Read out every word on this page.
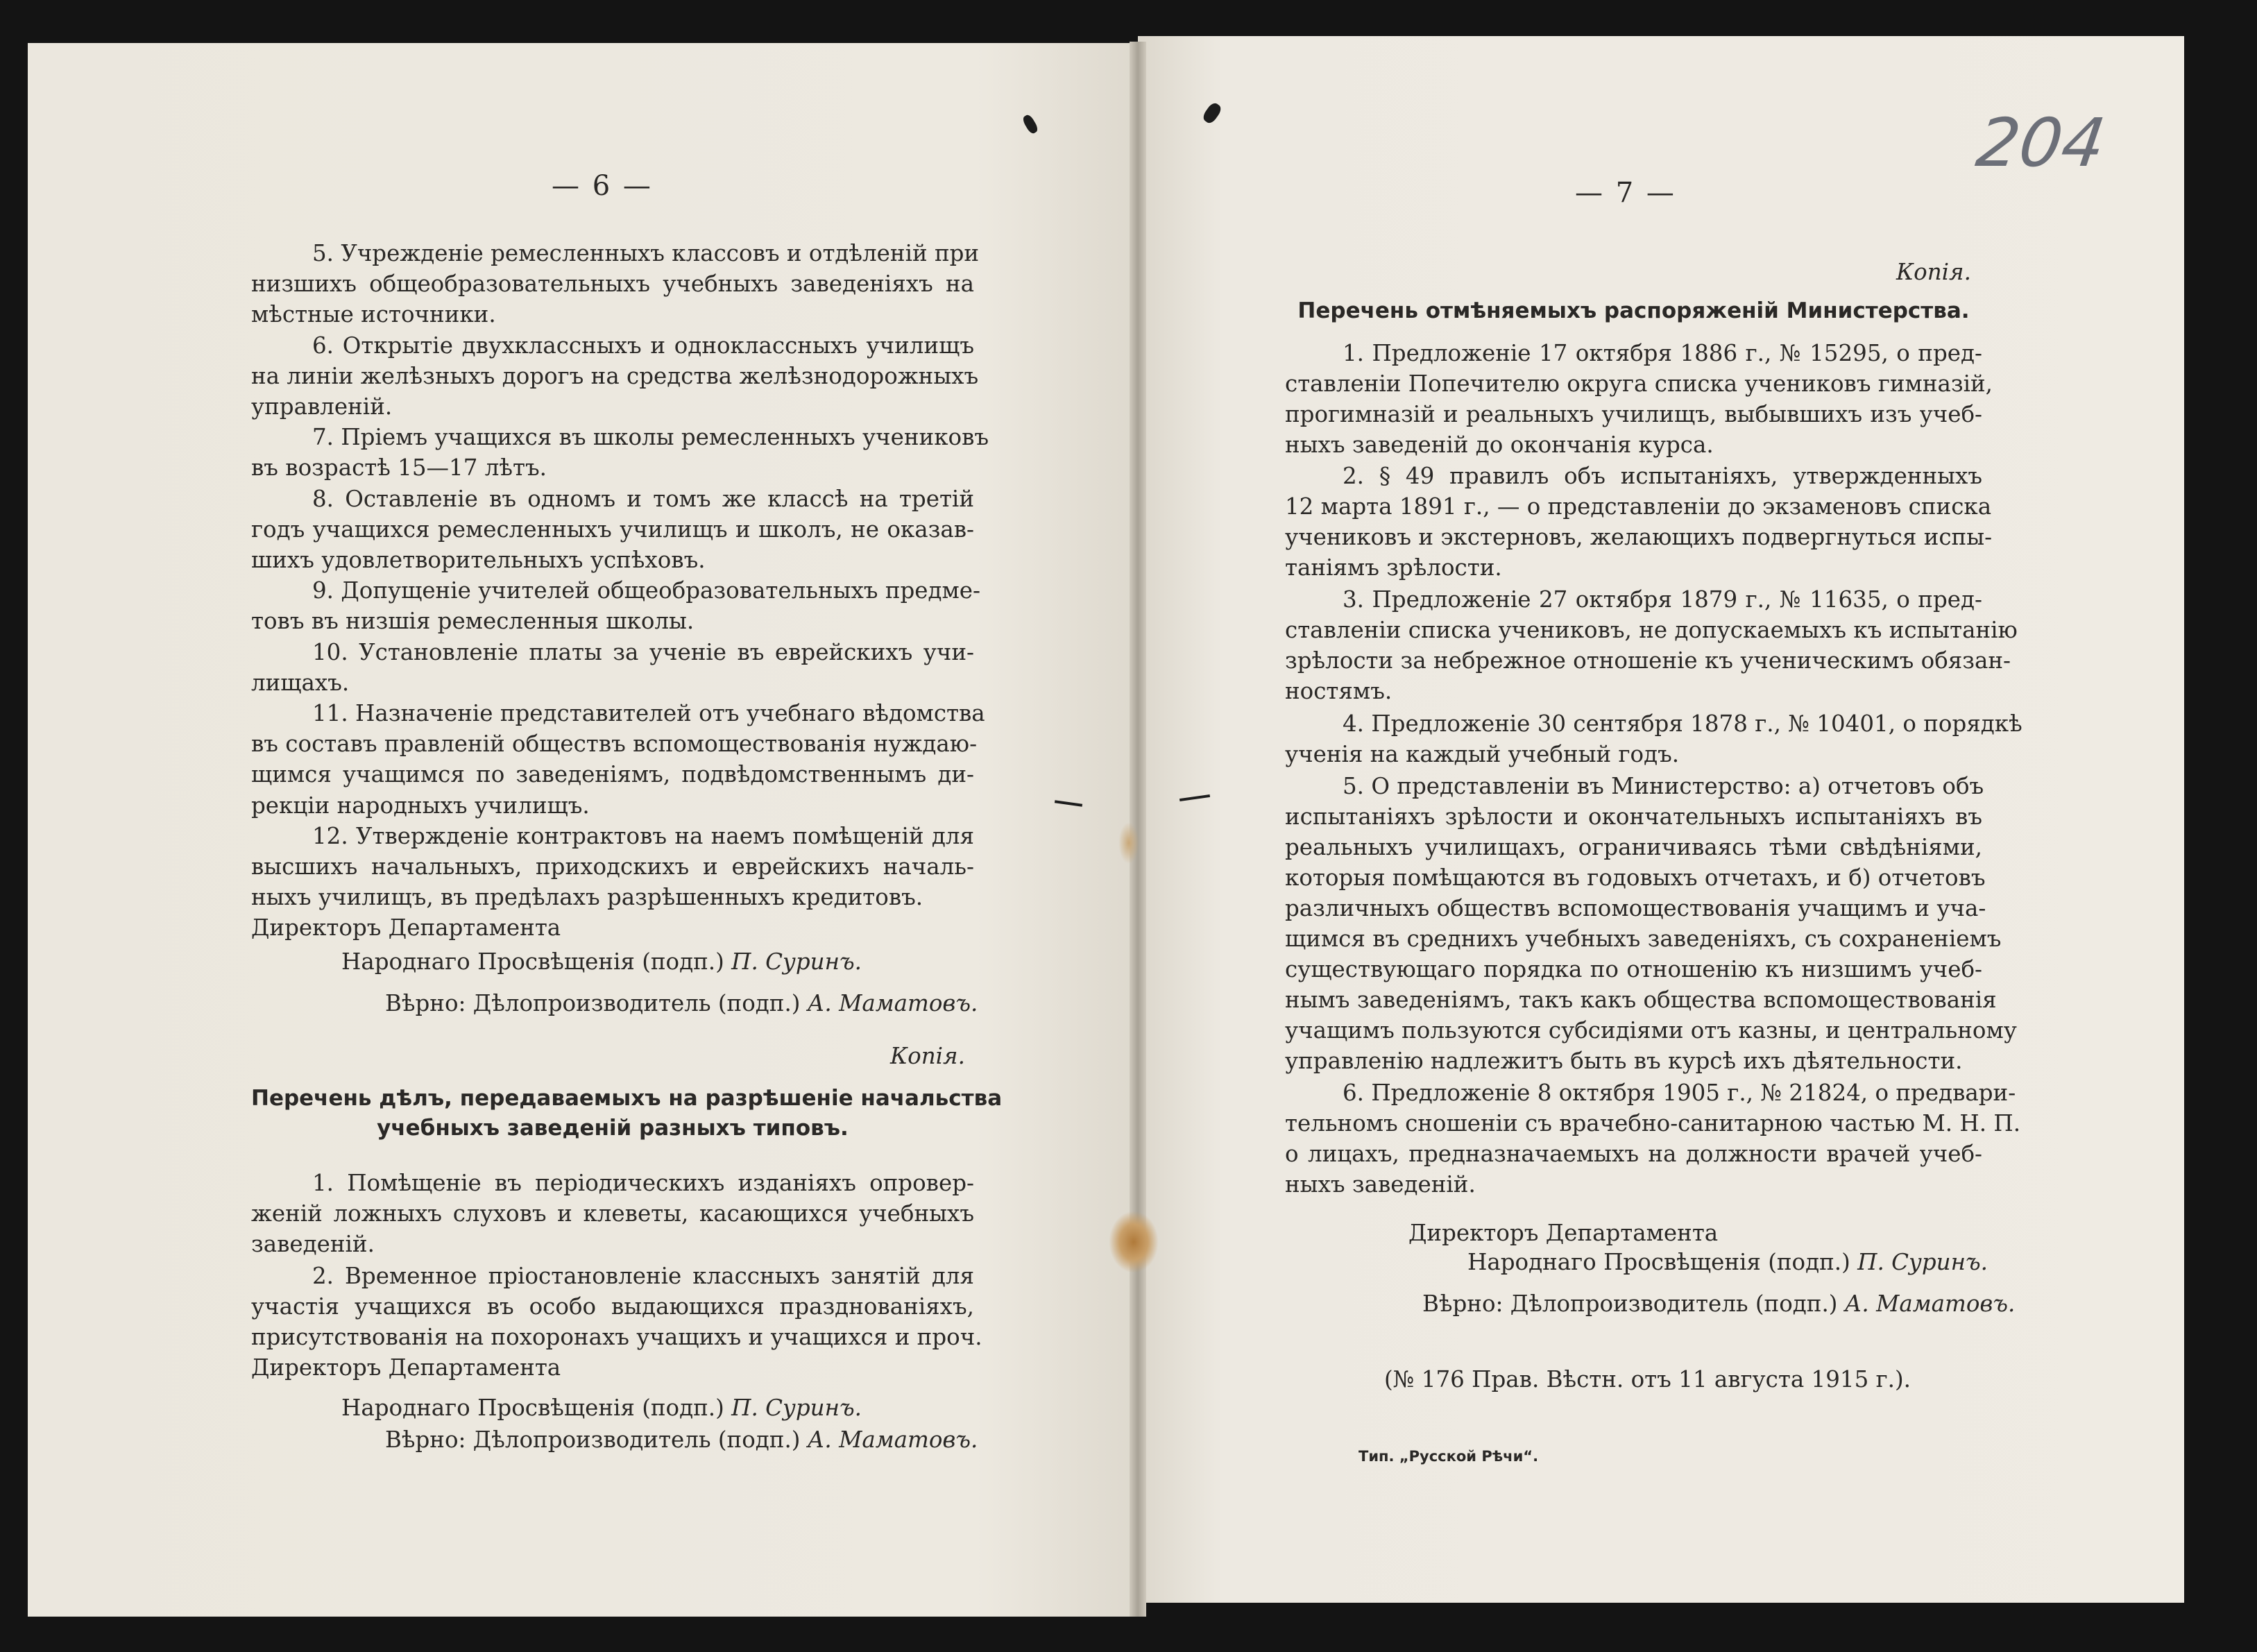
— 6 —
5. Учрежденіе ремесленныхъ классовъ и отдѣленій при
низшихъ общеобразовательныхъ учебныхъ заведеніяхъ на
мѣстные источники.
6. Открытіе двухклассныхъ и одноклассныхъ училищъ
на линіи желѣзныхъ дорогъ на средства желѣзнодорожныхъ
управленій.
7. Пріемъ учащихся въ школы ремесленныхъ учениковъ
въ возрастѣ 15—17 лѣтъ.
8. Оставленіе въ одномъ и томъ же классѣ на третій
годъ учащихся ремесленныхъ училищъ и школъ, не оказав-
шихъ удовлетворительныхъ успѣховъ.
9. Допущеніе учителей общеобразовательныхъ предме-
товъ въ низшія ремесленныя школы.
10. Установленіе платы за ученіе въ еврейскихъ учи-
лищахъ.
11. Назначеніе представителей отъ учебнаго вѣдомства
въ составъ правленій обществъ вспомоществованія нуждаю-
щимся учащимся по заведеніямъ, подвѣдомственнымъ ди-
рекціи народныхъ училищъ.
12. Утвержденіе контрактовъ на наемъ помѣщеній для
высшихъ начальныхъ, приходскихъ и еврейскихъ началь-
ныхъ училищъ, въ предѣлахъ разрѣшенныхъ кредитовъ.
Директоръ Департамента
Народнаго Просвѣщенія (подп.) П. Суринъ.
Вѣрно: Дѣлопроизводитель (подп.) А. Маматовъ.
Копія.
Перечень дѣлъ, передаваемыхъ на разрѣшеніе начальства
учебныхъ заведеній разныхъ типовъ.
1. Помѣщеніе въ періодическихъ изданіяхъ опровер-
женій ложныхъ слуховъ и клеветы, касающихся учебныхъ
заведеній.
2. Временное пріостановленіе классныхъ занятій для
участія учащихся въ особо выдающихся празднованіяхъ,
присутствованія на похоронахъ учащихъ и учащихся и проч.
Директоръ Департамента
Народнаго Просвѣщенія (подп.) П. Суринъ.
Вѣрно: Дѣлопроизводитель (подп.) А. Маматовъ.
— 7 —
204
Копія.
Перечень отмѣняемыхъ распоряженій Министерства.
1. Предложеніе 17 октября 1886 г., № 15295, о пред-
ставленіи Попечителю округа списка учениковъ гимназій,
прогимназій и реальныхъ училищъ, выбывшихъ изъ учеб-
ныхъ заведеній до окончанія курса.
2. § 49 правилъ объ испытаніяхъ, утвержденныхъ
12 марта 1891 г., — о представленіи до экзаменовъ списка
учениковъ и экстерновъ, желающихъ подвергнуться испы-
таніямъ зрѣлости.
3. Предложеніе 27 октября 1879 г., № 11635, о пред-
ставленіи списка учениковъ, не допускаемыхъ къ испытанію
зрѣлости за небрежное отношеніе къ ученическимъ обязан-
ностямъ.
4. Предложеніе 30 сентября 1878 г., № 10401, о порядкѣ
ученія на каждый учебный годъ.
5. О представленіи въ Министерство: а) отчетовъ объ
испытаніяхъ зрѣлости и окончательныхъ испытаніяхъ въ
реальныхъ училищахъ, ограничиваясь тѣми свѣдѣніями,
которыя помѣщаются въ годовыхъ отчетахъ, и б) отчетовъ
различныхъ обществъ вспомоществованія учащимъ и уча-
щимся въ среднихъ учебныхъ заведеніяхъ, съ сохраненіемъ
существующаго порядка по отношенію къ низшимъ учеб-
нымъ заведеніямъ, такъ какъ общества вспомоществованія
учащимъ пользуются субсидіями отъ казны, и центральному
управленію надлежитъ быть въ курсѣ ихъ дѣятельности.
6. Предложеніе 8 октября 1905 г., № 21824, о предвари-
тельномъ сношеніи съ врачебно-санитарною частью М. Н. П.
о лицахъ, предназначаемыхъ на должности врачей учеб-
ныхъ заведеній.
Директоръ Департамента
Народнаго Просвѣщенія (подп.) П. Суринъ.
Вѣрно: Дѣлопроизводитель (подп.) А. Маматовъ.
(№ 176 Прав. Вѣстн. отъ 11 августа 1915 г.).
Тип. „Русской Рѣчи“.
